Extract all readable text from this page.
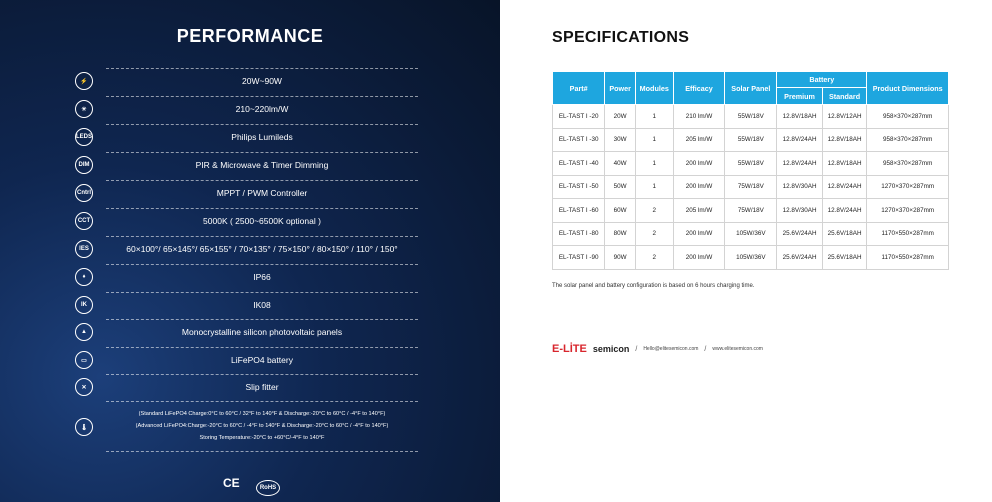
PERFORMANCE
⚡	20W~90W
☀	210~220lm/W
LEDS	Philips Lumileds
DIM	PIR & Microwave & Timer Dimming
Cntrl	MPPT / PWM Controller
CCT	5000K ( 2500~6500K optional )
IES	60×100°/ 65×145°/ 65×155° / 70×135° / 75×150° / 80×150° / 110° / 150°
♦	IP66
IK	IK08
▲	Monocrystalline silicon photovoltaic panels
▭	LiFePO4 battery
✕	Slip fitter
🌡
(Standard LiFePO4 Charge:0°C to 60°C / 32°F to 140°F & Discharge:-20°C to 60°C / -4°F to 140°F)
(Advanced LiFePO4:Charge:-20°C to 60°C / -4°F to 140°F & Discharge:-20°C to 60°C / -4°F to 140°F)
Storing Temperature:-20°C to +60°C/-4°F to 140°F
CE	RoHS
SPECIFICATIONS
Part#	Power	Modules	Efficacy	Solar Panel	Battery		Product Dimensions
					Premium	Standard	
EL-TAST I -20	20W	1	210 lm/W	55W/18V	12.8V/18AH	12.8V/12AH	958×370×287mm
EL-TAST I -30	30W	1	205 lm/W	55W/18V	12.8V/24AH	12.8V/18AH	958×370×287mm
EL-TAST I -40	40W	1	200 lm/W	55W/18V	12.8V/24AH	12.8V/18AH	958×370×287mm
EL-TAST I -50	50W	1	200 lm/W	75W/18V	12.8V/30AH	12.8V/24AH	1270×370×287mm
EL-TAST I -60	60W	2	205 lm/W	75W/18V	12.8V/30AH	12.8V/24AH	1270×370×287mm
EL-TAST I -80	80W	2	200 lm/W	105W/36V	25.6V/24AH	25.6V/18AH	1170×550×287mm
EL-TAST I -90	90W	2	200 lm/W	105W/36V	25.6V/24AH	25.6V/18AH	1170×550×287mm
The solar panel and battery configuration is based on 6 hours charging time.
E-LİTE semicon / Hello@elitesemicon.com / www.elitesemicon.com
